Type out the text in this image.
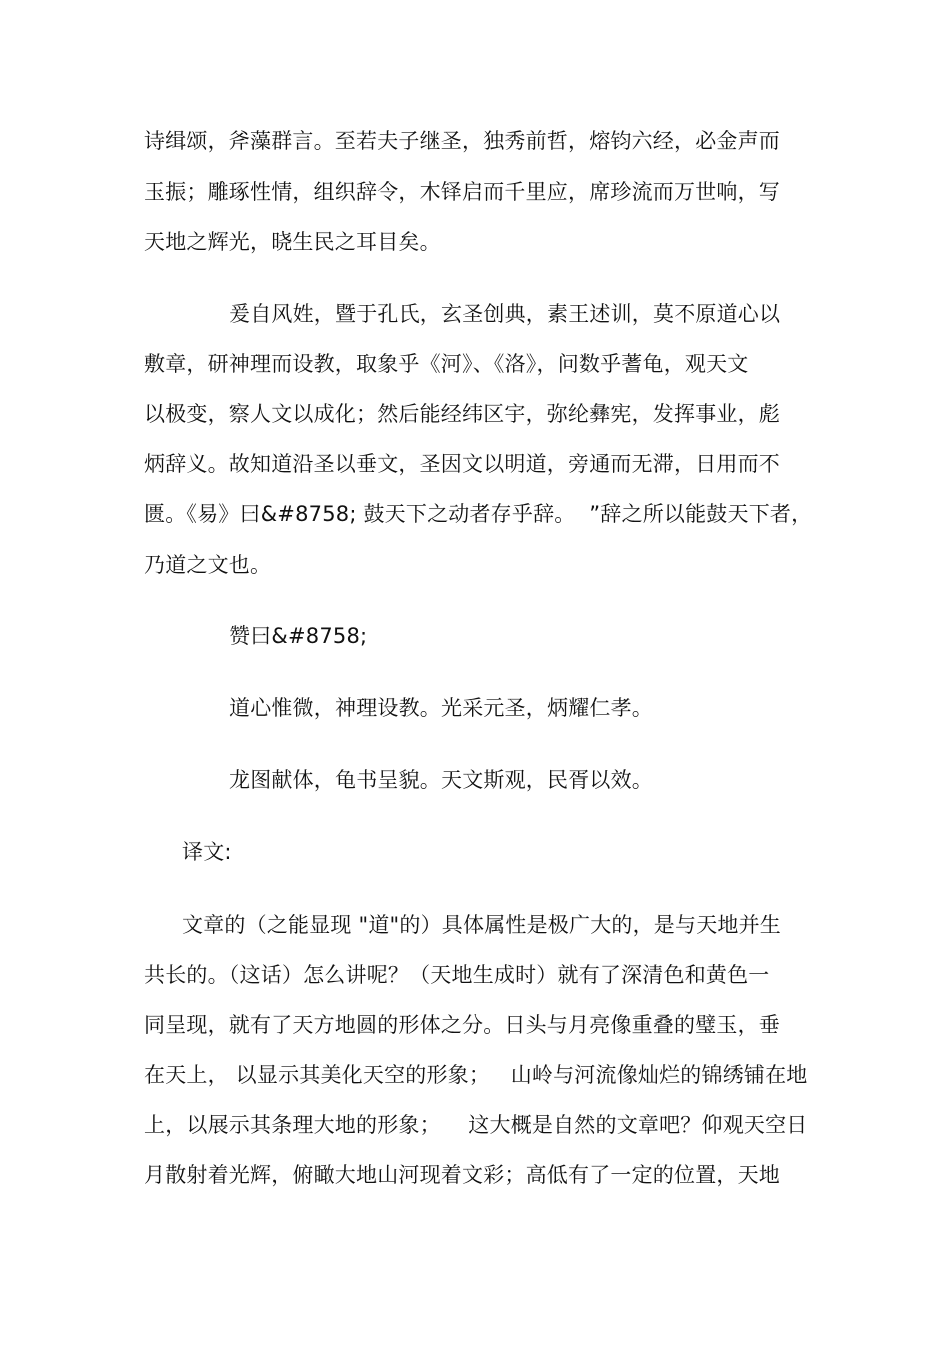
诗缉颂，斧藻群言。至若夫子继圣，独秀前哲，熔钧六经，必金声而
玉振；雕琢性情，组织辞令，木铎启而千里应，席珍流而万世响，写
天地之辉光，晓生民之耳目矣。
爰自风姓，暨于孔氏，玄圣创典，素王述训，莫不原道心以
敷章，研神理而设教，取象乎《河》、《洛》，问数乎蓍龟，观天文
以极变，察人文以成化；然后能经纬区宇，弥纶彝宪，发挥事业，彪
炳辞义。故知道沿圣以垂文，圣因文以明道，旁通而无滞，日用而不
匮。《易》曰&#8758; 鼓天下之动者存乎辞。  ”辞之所以能鼓天下者，
乃道之文也。
赞曰&#8758;
道心惟微，神理设教。光采元圣，炳耀仁孝。
龙图献体，龟书呈貌。天文斯观，民胥以效。
译文:
文章的（之能显现 "道"的）具体属性是极广大的，是与天地并生
共长的。（这话）怎么讲呢？（天地生成时）就有了深清色和黄色一
同呈现，就有了天方地圆的形体之分。日头与月亮像重叠的璧玉，垂
在天上， 以显示其美化天空的形象；   山岭与河流像灿烂的锦绣铺在地
上，以展示其条理大地的形象；    这大概是自然的文章吧？仰观天空日
月散射着光辉，俯瞰大地山河现着文彩；高低有了一定的位置，天地
